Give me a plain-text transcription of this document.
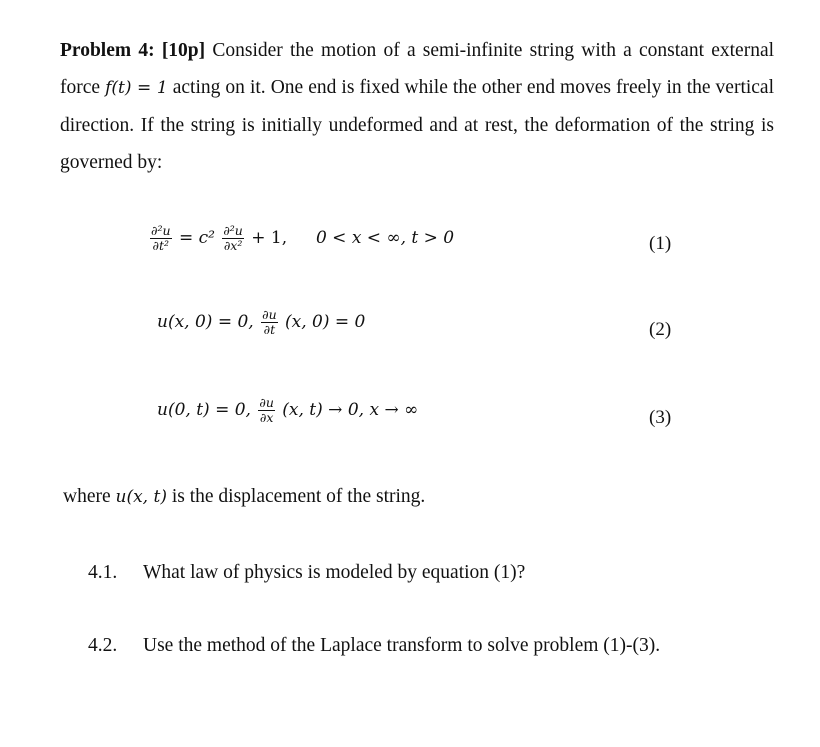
Problem 4: [10p] Consider the motion of a semi-infinite string with a constant external force f(t) = 1 acting on it. One end is fixed while the other end moves freely in the vertical direction. If the string is initially undeformed and at rest, the deformation of the string is governed by:
$\frac{\text{∂²u}}{\text{∂t²}} = c^2 \frac{\text{∂²u}}{\text{∂x²}} + 1$, 0 < x < ∞, t > 0	(1)
u(x, 0) = 0, $\frac{\partial u}{\partial t} (x$, 0) = 0	(2)
u(0, t) = 0, $\frac{\partial u}{\partial x} (x$, t) → 0, x → ∞	(3)
where u(x, t) is the displacement of the string.
4.1. What law of physics is modeled by equation (1)?
4.2. Use the method of the Laplace transform to solve problem (1)-(3).
